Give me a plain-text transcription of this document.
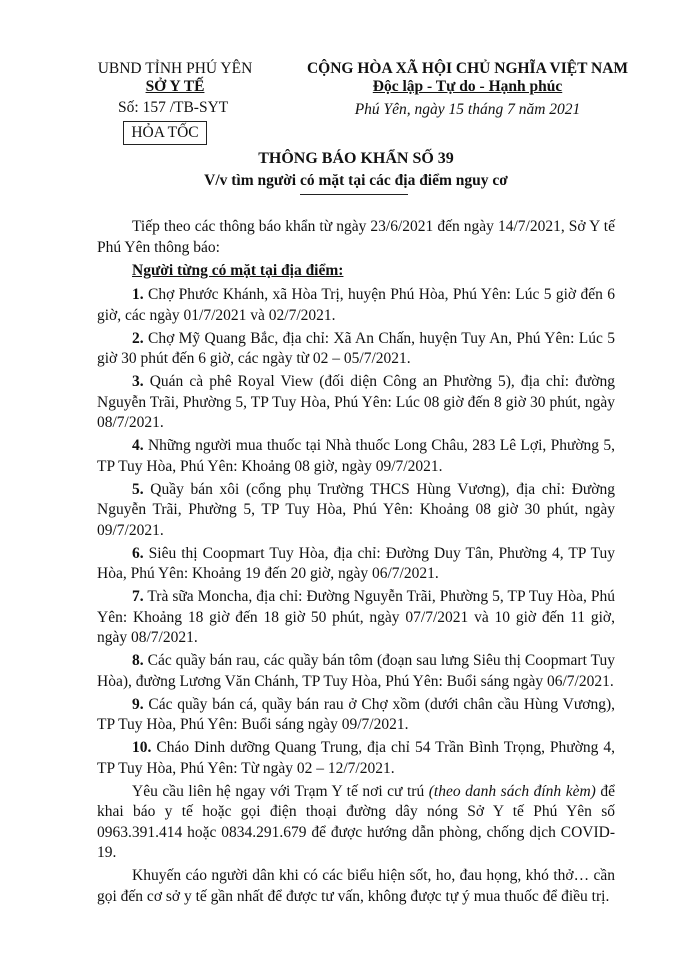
UBND TỈNH PHÚ YÊN
SỞ Y TẾ
Số: 157 /TB-SYT
HỎA TỐC
CỘNG HÒA XÃ HỘI CHỦ NGHĨA VIỆT NAM
Độc lập - Tự do - Hạnh phúc
Phú Yên, ngày 15 tháng 7 năm 2021
THÔNG BÁO KHẨN SỐ 39
V/v tìm người có mặt tại các địa điểm nguy cơ

Tiếp theo các thông báo khẩn từ ngày 23/6/2021 đến ngày 14/7/2021, Sở Y tế Phú Yên thông báo:

Người từng có mặt tại địa điểm:

1. Chợ Phước Khánh, xã Hòa Trị, huyện Phú Hòa, Phú Yên: Lúc 5 giờ đến 6 giờ, các ngày 01/7/2021 và 02/7/2021.

2. Chợ Mỹ Quang Bắc, địa chỉ: Xã An Chấn, huyện Tuy An, Phú Yên: Lúc 5 giờ 30 phút đến 6 giờ, các ngày từ 02 – 05/7/2021.

3. Quán cà phê Royal View (đối diện Công an Phường 5), địa chỉ: đường Nguyễn Trãi, Phường 5, TP Tuy Hòa, Phú Yên: Lúc 08 giờ đến 8 giờ 30 phút, ngày 08/7/2021.

4. Những người mua thuốc tại Nhà thuốc Long Châu, 283 Lê Lợi, Phường 5, TP Tuy Hòa, Phú Yên: Khoảng 08 giờ, ngày 09/7/2021.

5. Quầy bán xôi (cổng phụ Trường THCS Hùng Vương), địa chỉ: Đường Nguyễn Trãi, Phường 5, TP Tuy Hòa, Phú Yên: Khoảng 08 giờ 30 phút, ngày 09/7/2021.

6. Siêu thị Coopmart Tuy Hòa, địa chỉ: Đường Duy Tân, Phường 4, TP Tuy Hòa, Phú Yên: Khoảng 19 đến 20 giờ, ngày 06/7/2021.

7. Trà sữa Moncha, địa chỉ: Đường Nguyễn Trãi, Phường 5, TP Tuy Hòa, Phú Yên: Khoảng 18 giờ đến 18 giờ 50 phút, ngày 07/7/2021 và 10 giờ đến 11 giờ, ngày 08/7/2021.

8. Các quầy bán rau, các quầy bán tôm (đoạn sau lưng Siêu thị Coopmart Tuy Hòa), đường Lương Văn Chánh, TP Tuy Hòa, Phú Yên: Buổi sáng ngày 06/7/2021.

9. Các quầy bán cá, quầy bán rau ở Chợ xồm (dưới chân cầu Hùng Vương), TP Tuy Hòa, Phú Yên: Buổi sáng ngày 09/7/2021.

10. Cháo Dinh dưỡng Quang Trung, địa chỉ 54 Trần Bình Trọng, Phường 4, TP Tuy Hòa, Phú Yên: Từ ngày 02 – 12/7/2021.

Yêu cầu liên hệ ngay với Trạm Y tế nơi cư trú (theo danh sách đính kèm) để khai báo y tế hoặc gọi điện thoại đường dây nóng Sở Y tế Phú Yên số 0963.391.414 hoặc 0834.291.679 để được hướng dẫn phòng, chống dịch COVID-19.

Khuyến cáo người dân khi có các biểu hiện sốt, ho, đau họng, khó thở… cần gọi đến cơ sở y tế gần nhất để được tư vấn, không được tự ý mua thuốc để điều trị.
